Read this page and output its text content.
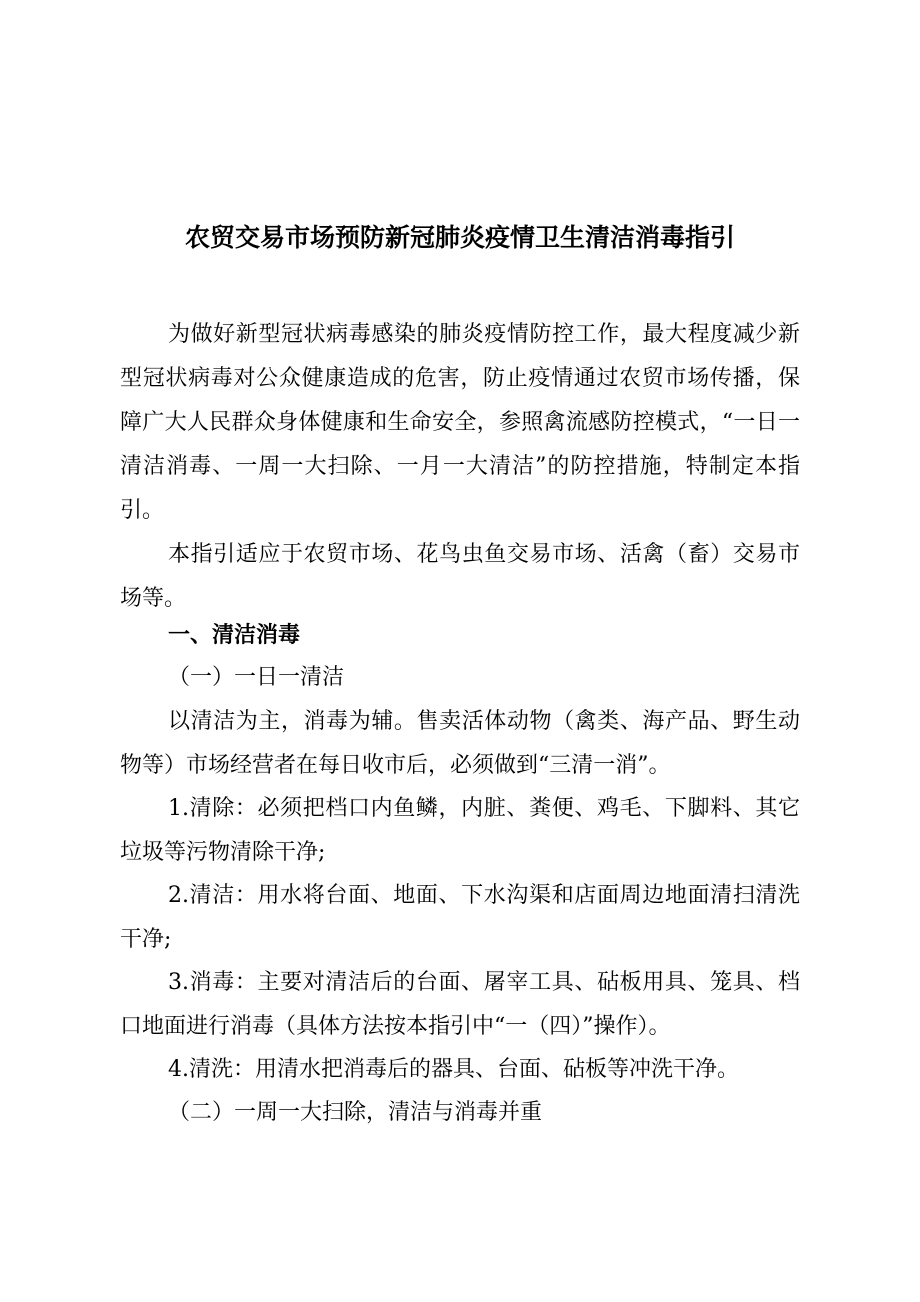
农贸交易市场预防新冠肺炎疫情卫生清洁消毒指引
为做好新型冠状病毒感染的肺炎疫情防控工作，最大程度减少新型冠状病毒对公众健康造成的危害，防止疫情通过农贸市场传播，保障广大人民群众身体健康和生命安全，参照禽流感防控模式，“一日一清洁消毒、一周一大扫除、一月一大清洁”的防控措施，特制定本指引。
本指引适应于农贸市场、花鸟虫鱼交易市场、活禽（畜）交易市场等。
一、清洁消毒
（一）一日一清洁
以清洁为主，消毒为辅。售卖活体动物（禽类、海产品、野生动物等）市场经营者在每日收市后，必须做到“三清一消”。
1.清除：必须把档口内鱼鳞，内脏、粪便、鸡毛、下脚料、其它垃圾等污物清除干净;
2.清洁：用水将台面、地面、下水沟渠和店面周边地面清扫清洗干净;
3.消毒：主要对清洁后的台面、屠宰工具、砧板用具、笼具、档口地面进行消毒（具体方法按本指引中“一（四）”操作）。
4.清洗：用清水把消毒后的器具、台面、砧板等冲洗干净。
（二）一周一大扫除，清洁与消毒并重
